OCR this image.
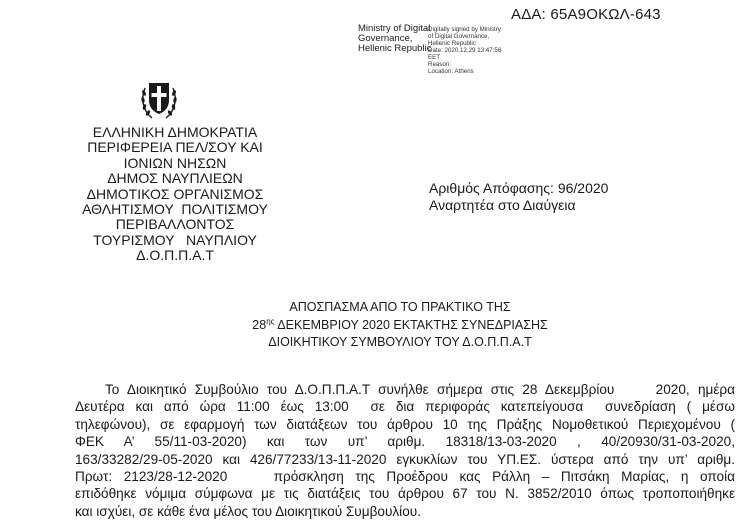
ΑΔΑ: 65Α9ΟΚΩΛ-643
Ministry of Digital
Governance,
Hellenic Republic
Digitally signed by Ministry
of Digital Governance,
Hellenic Republic
Date: 2020.12.29 13:47:56
EET
Reason:
Location: Athens
ΕΛΛΗΝΙΚΗ ΔΗΜΟΚΡΑΤΙΑ
ΠΕΡΙΦΕΡΕΙΑ ΠΕΛ/ΣΟΥ ΚΑΙ
ΙΟΝΙΩΝ ΝΗΣΩΝ
ΔΗΜΟΣ ΝΑΥΠΛΙΕΩΝ
ΔΗΜΟΤΙΚΟΣ ΟΡΓΑΝΙΣΜΟΣ
ΑΘΛΗΤΙΣΜΟΥ  ΠΟΛΙΤΙΣΜΟΥ
ΠΕΡΙΒΑΛΛΟΝΤΟΣ
ΤΟΥΡΙΣΜΟΥ   ΝΑΥΠΛΙΟΥ
Δ.Ο.Π.Π.Α.Τ
Αριθμός Απόφασης: 96/2020
Αναρτητέα στο Διαύγεια
ΑΠΟΣΠΑΣΜΑ ΑΠΟ ΤΟ ΠΡΑΚΤΙΚΟ ΤΗΣ
$28^{\eta\varsigma}$ ΔΕΚΕΜΒΡΙΟΥ 2020 ΕΚΤΑΚΤΗΣ ΣΥΝΕΔΡΙΑΣΗΣ
ΔΙΟΙΚΗΤΙΚΟΥ ΣΥΜΒΟΥΛΙΟΥ ΤΟΥ Δ.Ο.Π.Π.Α.Τ
Το Διοικητικό Συμβούλιο του Δ.Ο.Π.Π.Α.Τ συνήλθε σήμερα στις 28 Δεκεμβρίου     2020, ημέρα
Δευτέρα και από ώρα 11:00 έως 13:00  σε δια περιφοράς κατεπείγουσα  συνεδρίαση ( μέσω
τηλεφώνου), σε εφαρμογή των διατάξεων του άρθρου 10 της Πράξης Νομοθετικού Περιεχομένου (
ΦΕΚ Α’ 55/11-03-2020) και των υπ’ αριθμ. 18318/13-03-2020 , 40/20930/31-03-2020,
163/33282/29-05-2020 και 426/77233/13-11-2020 εγκυκλίων του ΥΠ.ΕΣ. ύστερα από την υπ’ αριθμ.
Πρωτ: 2123/28-12-2020    πρόσκληση της Προέδρου κας Ράλλη – Πιτσάκη Μαρίας, η οποία
επιδόθηκε νόμιμα σύμφωνα με τις διατάξεις του άρθρου 67 του Ν. 3852/2010 όπως τροποποιήθηκε
και ισχύει, σε κάθε ένα μέλος του Διοικητικού Συμβουλίου.
